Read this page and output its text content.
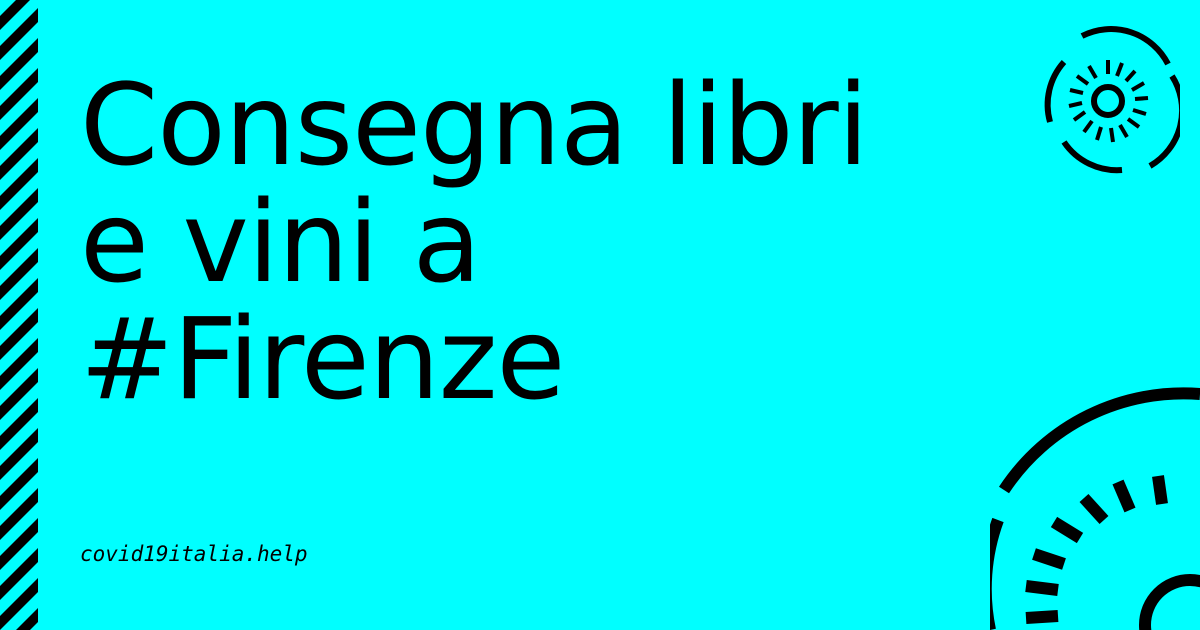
Consegna libri
e vini a
#Firenze
covid19italia.help
